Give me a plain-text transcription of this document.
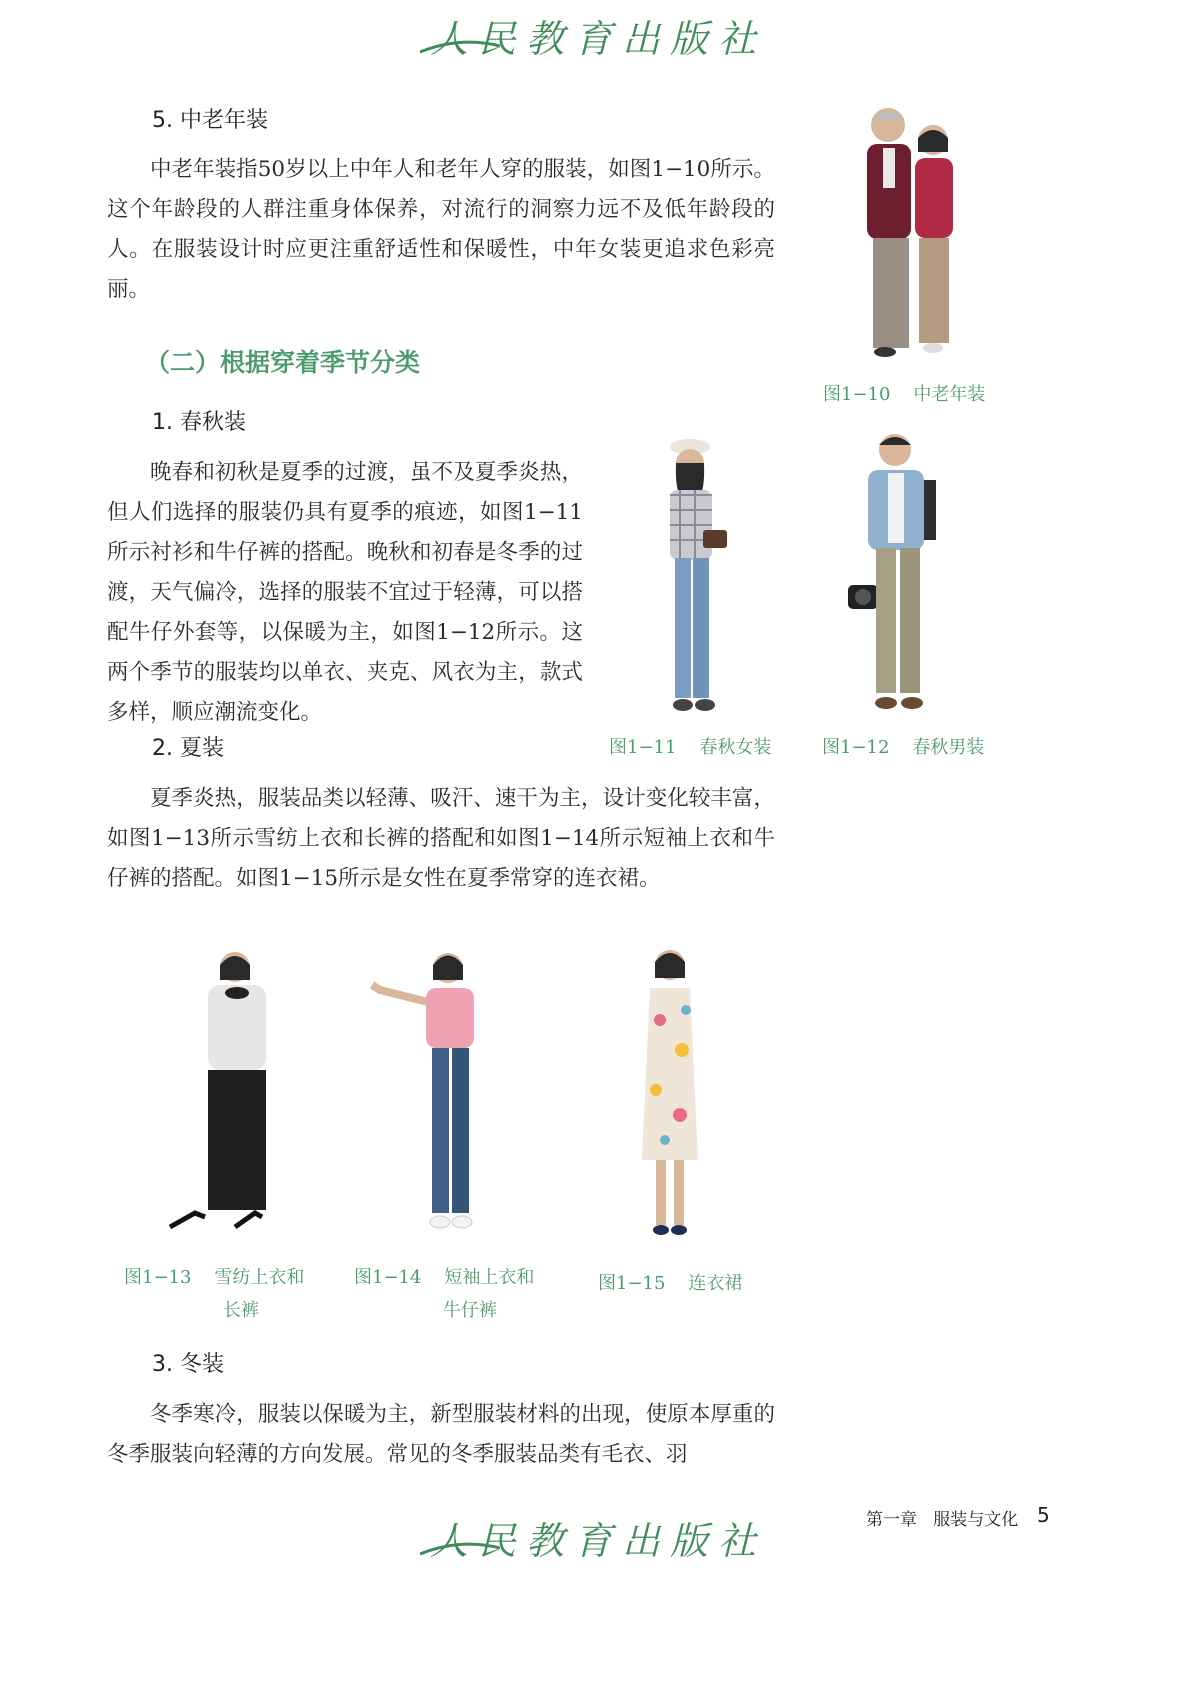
人民教育出版社
5. 中老年装

中老年装指50岁以上中年人和老年人穿的服装，如图1−10所示。这个年龄段的人群注重身体保养，对流行的洞察力远不及低年龄段的人。在服装设计时应更注重舒适性和保暖性，中年女装更追求色彩亮丽。

图1−10 中老年装
（二）根据穿着季节分类
1. 春秋装

晚春和初秋是夏季的过渡，虽不及夏季炎热，但人们选择的服装仍具有夏季的痕迹，如图1−11所示衬衫和牛仔裤的搭配。晚秋和初春是冬季的过渡，天气偏冷，选择的服装不宜过于轻薄，可以搭配牛仔外套等，以保暖为主，如图1−12所示。这两个季节的服装均以单衣、夹克、风衣为主，款式多样，顺应潮流变化。

图1−11 春秋女装	图1−12 春秋男装
2. 夏装

夏季炎热，服装品类以轻薄、吸汗、速干为主，设计变化较丰富，如图1−13所示雪纺上衣和长裤的搭配和如图1−14所示短袖上衣和牛仔裤的搭配。如图1−15所示是女性在夏季常穿的连衣裙。

图1−13 雪纺上衣和
长裤
图1−14 短袖上衣和
牛仔裤
图1−15 连衣裙
3. 冬装

冬季寒冷，服装以保暖为主，新型服装材料的出现，使原本厚重的冬季服装向轻薄的方向发展。常见的冬季服装品类有毛衣、羽

第一章 服装与文化 5
人民教育出版社
